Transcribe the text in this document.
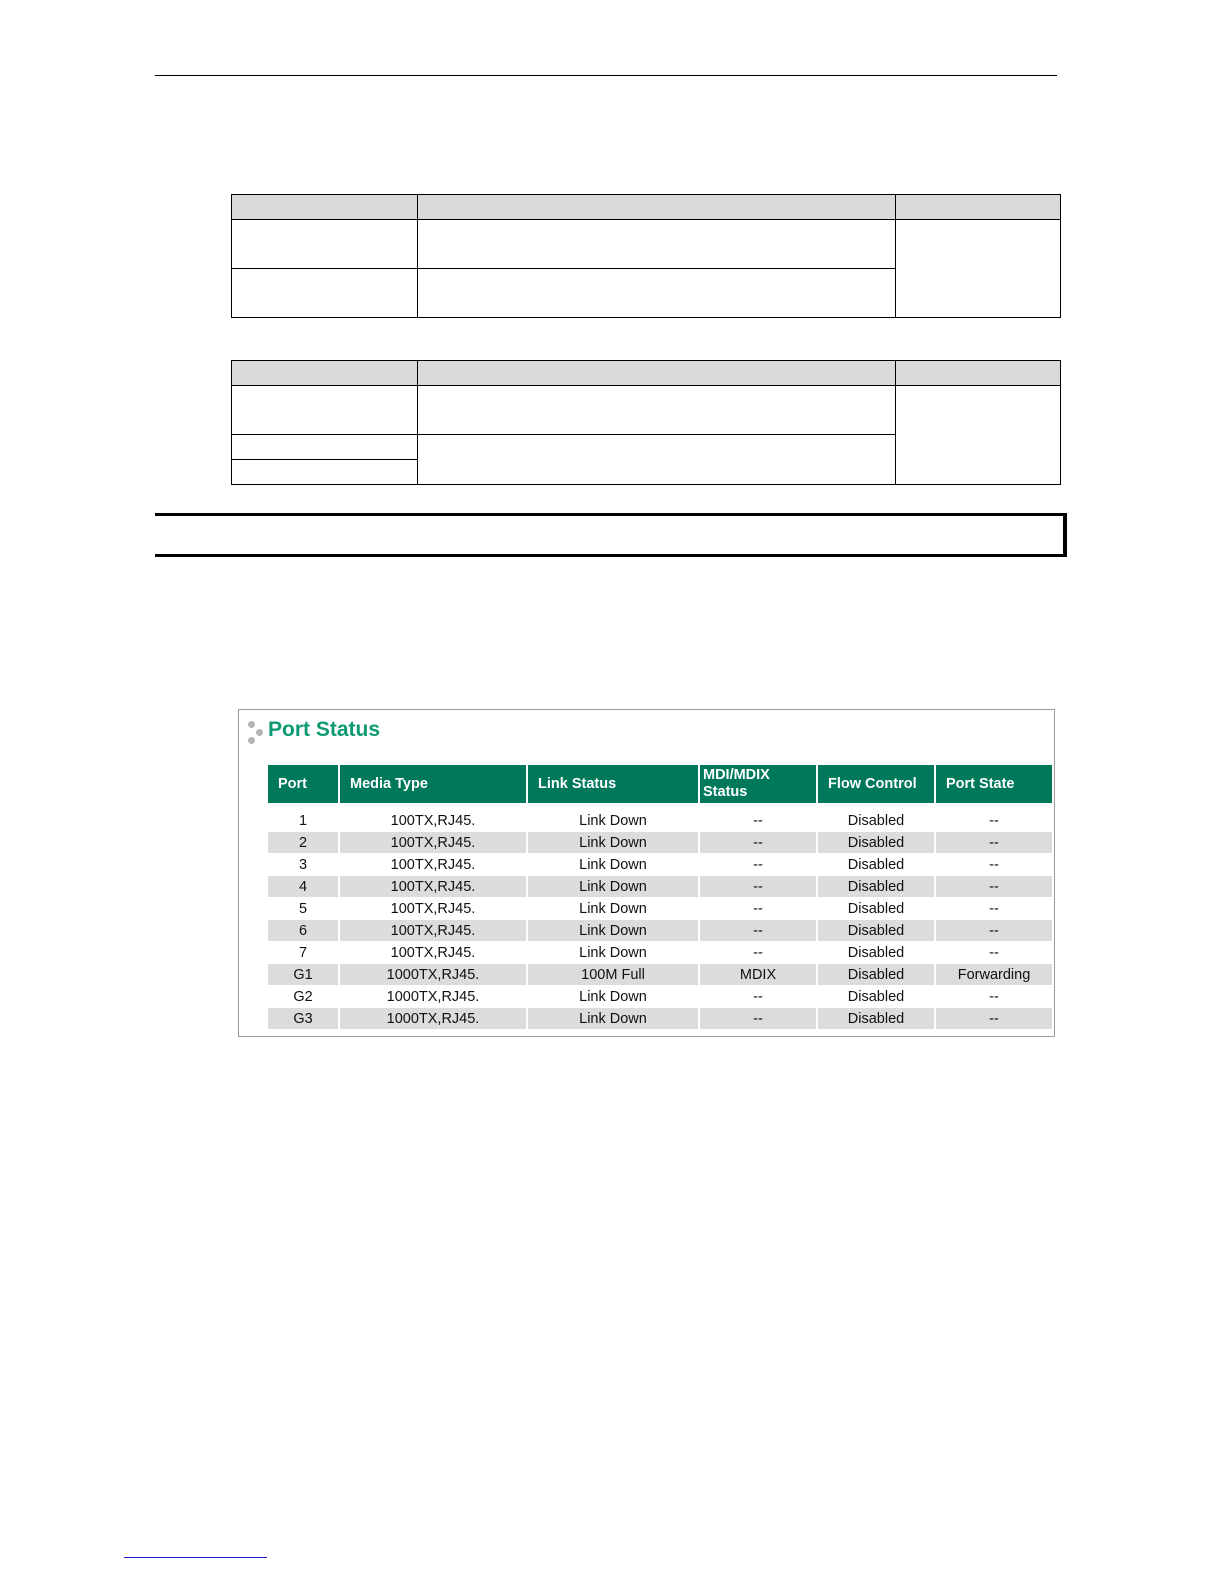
Port Status
Port	Media Type	Link Status	MDI/MDIX Status	Flow Control	Port State
1	100TX,RJ45.	Link Down	--	Disabled	--
2	100TX,RJ45.	Link Down	--	Disabled	--
3	100TX,RJ45.	Link Down	--	Disabled	--
4	100TX,RJ45.	Link Down	--	Disabled	--
5	100TX,RJ45.	Link Down	--	Disabled	--
6	100TX,RJ45.	Link Down	--	Disabled	--
7	100TX,RJ45.	Link Down	--	Disabled	--
G1	1000TX,RJ45.	100M Full	MDIX	Disabled	Forwarding
G2	1000TX,RJ45.	Link Down	--	Disabled	--
G3	1000TX,RJ45.	Link Down	--	Disabled	--
